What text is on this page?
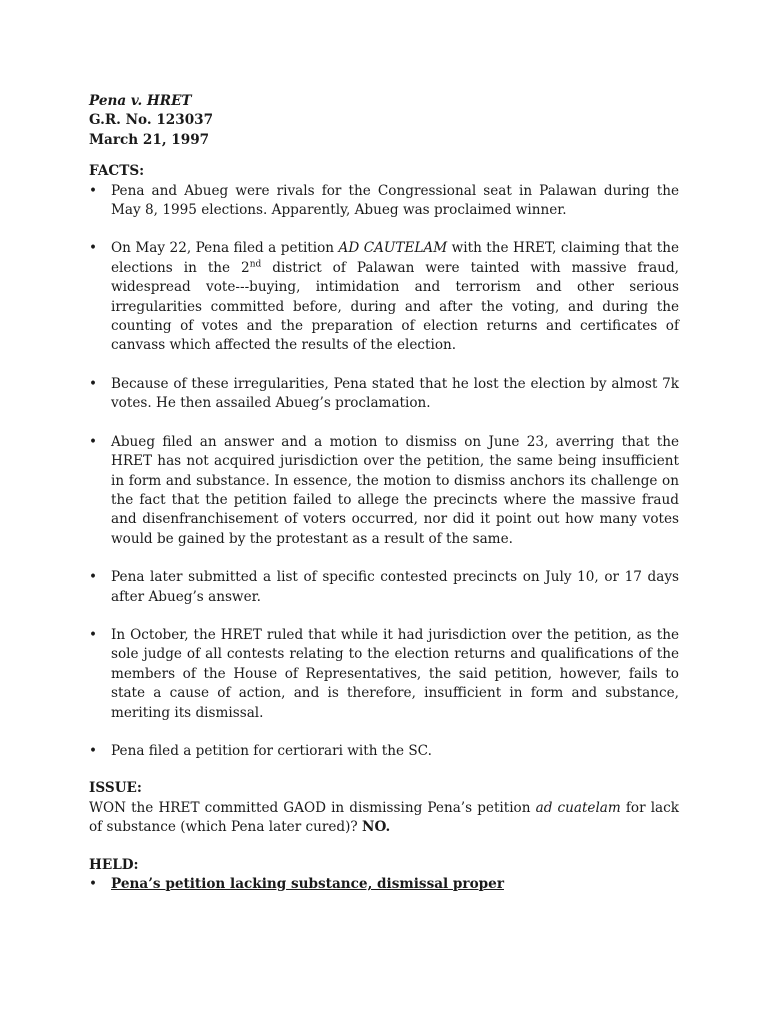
Pena v. HRET

G.R. No. 123037

March 21, 1997

FACTS:

•	Pena and Abueg were rivals for the Congressional seat in Palawan during the May 8, 1995 elections. Apparently, Abueg was proclaimed winner.

•	On May 22, Pena filed a petition AD CAUTELAM with the HRET, claiming that the elections in the 2nd district of Palawan were tainted with massive fraud, widespread vote---buying, intimidation and terrorism and other serious irregularities committed before, during and after the voting, and during the counting of votes and the preparation of election returns and certificates of canvass which affected the results of the election.

•	Because of these irregularities, Pena stated that he lost the election by almost 7k votes. He then assailed Abueg’s proclamation.

•	Abueg filed an answer and a motion to dismiss on June 23, averring that the HRET has not acquired jurisdiction over the petition, the same being insufficient in form and substance. In essence, the motion to dismiss anchors its challenge on the fact that the petition failed to allege the precincts where the massive fraud and disenfranchisement of voters occurred, nor did it point out how many votes would be gained by the protestant as a result of the same.

•	Pena later submitted a list of specific contested precincts on July 10, or 17 days after Abueg’s answer.

•	In October, the HRET ruled that while it had jurisdiction over the petition, as the sole judge of all contests relating to the election returns and qualifications of the members of the House of Representatives, the said petition, however, fails to state a cause of action, and is therefore, insufficient in form and substance, meriting its dismissal.

•	Pena filed a petition for certiorari with the SC.

ISSUE:

WON the HRET committed GAOD in dismissing Pena’s petition ad cuatelam for lack of substance (which Pena later cured)? NO.

HELD:

•	Pena’s petition lacking substance, dismissal proper
